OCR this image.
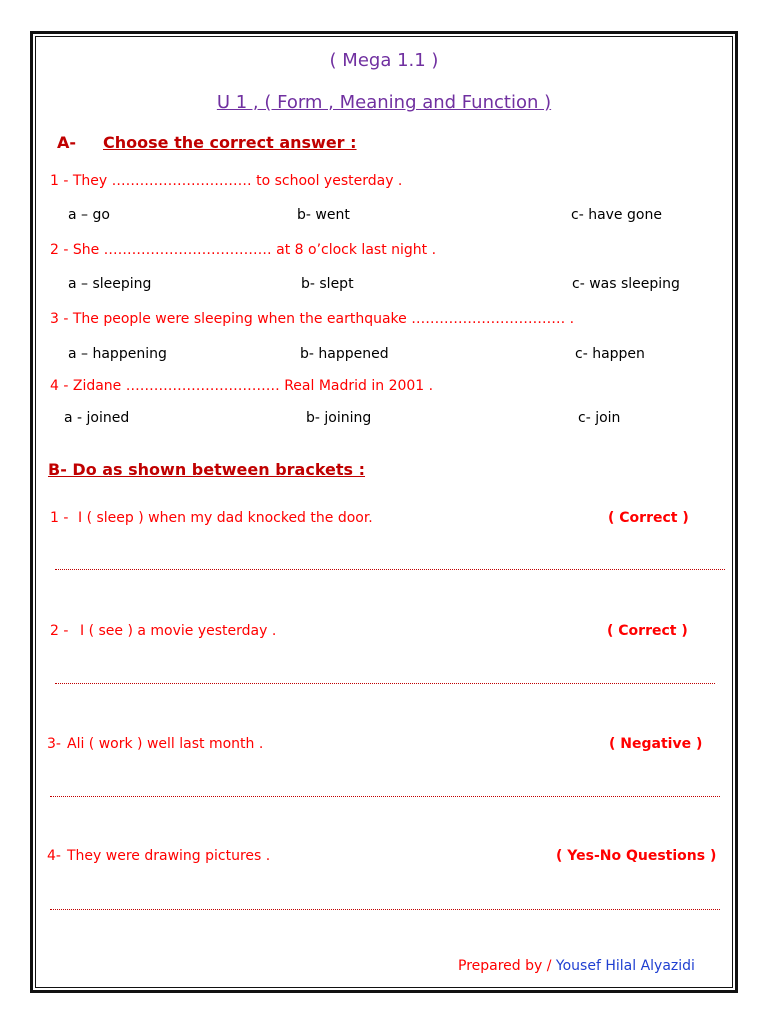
( Mega 1.1 )
U 1 , ( Form , Meaning and Function )
A- Choose the correct answer :
1 - They ………………………… to school yesterday .
a – go	b- went	c- have gone
2 - She ……………………………… at 8 o’clock last night .
a – sleeping	b- slept	c- was sleeping
3 - The people were sleeping when the earthquake …………………………… .
a – happening	b- happened	c- happen
4 - Zidane …………………………… Real Madrid in 2001 .
a - joined	b- joining	c- join
B- Do as shown between brackets :
1 - I ( sleep ) when my dad knocked the door.	( Correct )
2 - I ( see ) a movie yesterday .	( Correct )
3- Ali ( work ) well last month .	( Negative )
4- They were drawing pictures .	( Yes-No Questions )
Prepared by / Yousef Hilal Alyazidi
